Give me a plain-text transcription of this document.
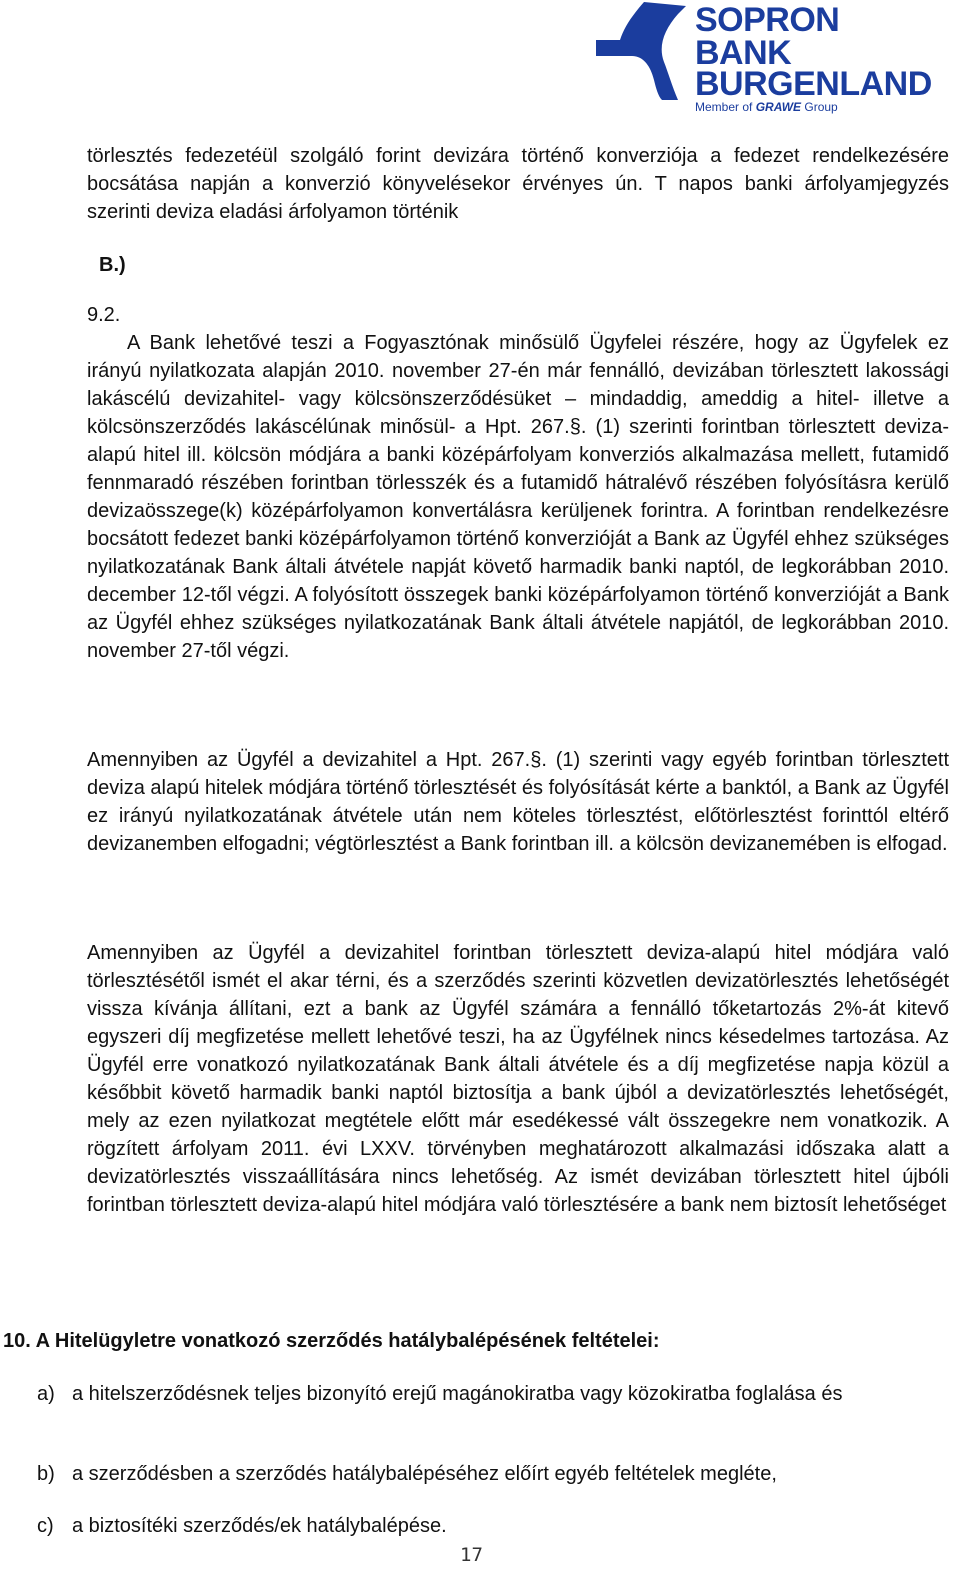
SOPRON
BANK
BURGENLAND
Member of GRAWE Group

törlesztés fedezetéül szolgáló forint devizára történő konverziója a fedezet rendelkezésére bocsátása napján a konverzió könyvelésekor érvényes ún. T napos banki árfolyamjegyzés szerinti deviza eladási árfolyamon történik

B.)
9.2.

A Bank lehetővé teszi a Fogyasztónak minősülő Ügyfelei részére, hogy az Ügyfelek ez irányú nyilatkozata alapján 2010. november 27-én már fennálló, devizában törlesztett lakossági lakáscélú devizahitel- vagy kölcsönszerződésüket – mindaddig, ameddig a hitel- illetve a kölcsönszerződés lakáscélúnak minősül- a Hpt. 267.§. (1) szerinti forintban törlesztett deviza-alapú hitel ill. kölcsön módjára a banki középárfolyam konverziós alkalmazása mellett, futamidő fennmaradó részében forintban törlesszék és a futamidő hátralévő részében folyósításra kerülő devizaösszege(k) középárfolyamon konvertálásra kerüljenek forintra. A forintban rendelkezésre bocsátott fedezet banki középárfolyamon történő konverzióját a Bank az Ügyfél ehhez szükséges nyilatkozatának Bank általi átvétele napját követő harmadik banki naptól, de legkorábban 2010. december 12-től végzi. A folyósított összegek banki középárfolyamon történő konverzióját a Bank az Ügyfél ehhez szükséges nyilatkozatának Bank általi átvétele napjától, de legkorábban 2010. november 27-től végzi.

Amennyiben az Ügyfél a devizahitel a Hpt. 267.§. (1) szerinti vagy egyéb forintban törlesztett deviza alapú hitelek módjára történő törlesztését és folyósítását kérte a banktól, a Bank az Ügyfél ez irányú nyilatkozatának átvétele után nem köteles törlesztést, előtörlesztést forinttól eltérő devizanemben elfogadni; végtörlesztést a Bank forintban ill. a kölcsön devizanemében is elfogad.

Amennyiben az Ügyfél a devizahitel forintban törlesztett deviza-alapú hitel módjára való törlesztésétől ismét el akar térni, és a szerződés szerinti közvetlen devizatörlesztés lehetőségét vissza kívánja állítani, ezt a bank az Ügyfél számára a fennálló tőketartozás 2%-át kitevő egyszeri díj megfizetése mellett lehetővé teszi, ha az Ügyfélnek nincs késedelmes tartozása. Az Ügyfél erre vonatkozó nyilatkozatának Bank általi átvétele és a díj megfizetése napja közül a későbbit követő harmadik banki naptól biztosítja a bank újból a devizatörlesztés lehetőségét, mely az ezen nyilatkozat megtétele előtt már esedékessé vált összegekre nem vonatkozik. A rögzített árfolyam 2011. évi LXXV. törvényben meghatározott alkalmazási időszaka alatt a devizatörlesztés visszaállítására nincs lehetőség. Az ismét devizában törlesztett hitel újbóli forintban törlesztett deviza-alapú hitel módjára való törlesztésére a bank nem biztosít lehetőséget

10. A Hitelügyletre vonatkozó szerződés hatálybalépésének feltételei:
a) a hitelszerződésnek teljes bizonyító erejű magánokiratba vagy közokiratba foglalása és
b) a szerződésben a szerződés hatálybalépéséhez előírt egyéb feltételek megléte,
c) a biztosítéki szerződés/ek hatálybalépése.
17
